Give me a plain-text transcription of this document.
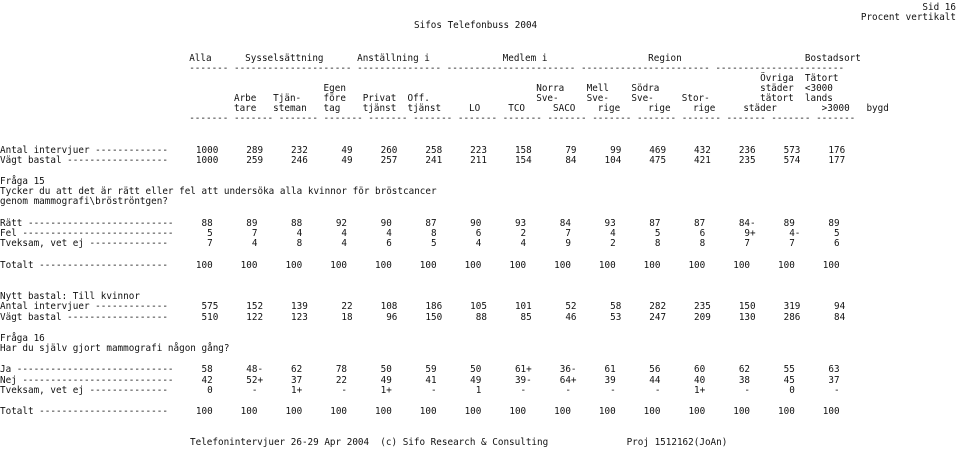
Sid 16
Procent vertikalt
Sifos Telefonbuss 2004
Alla      Sysselsättning      Anställning i             Medlem i                  Region                      Bostadsort
------- --------------------- --------------- ----------------------- ----------------------- -----------------------
Övriga  Tätort
Egen                                  Norra    Mell    Södra                  städer  <3000
Arbe   Tjän-    före   Privat  Off.                   Sve-     Sve-    Sve-     Stor-         tätort  lands
tare   steman   tag    tjänst  tjänst     LO     TCO     SACO    rige     rige    rige     städer        >3000   bygd
------- ------- ------- ------- ------- ------- ------- ------- ------- ------- ------- ------- ------- ------- -------
Antal intervjuer -------------     1000     289     232      49     260     258     223     158      79      99     469     432     236     573     176
Vägt bastal ------------------     1000     259     246      49     257     241     211     154      84     104     475     421     235     574     177
Fråga 15
Tycker du att det är rätt eller fel att undersöka alla kvinnor för bröstcancer
genom mammografi\bröströntgen?
Rätt --------------------------     88      89      88      92      90      87      90      93      84      93      87      87      84-     89      89
Fel ---------------------------      5       7       4       4       4       8       6       2       7       4       5       6       9+      4-      5
Tveksam, vet ej --------------       7       4       8       4       6       5       4       4       9       2       8       8       7       7       6
Totalt -----------------------     100     100     100     100     100     100     100     100     100     100     100     100     100     100     100
Nytt bastal: Till kvinnor
Antal intervjuer -------------      575     152     139      22     108     186     105     101      52      58     282     235     150     319      94
Vägt bastal ------------------      510     122     123      18      96     150      88      85      46      53     247     209     130     286      84
Fråga 16
Har du själv gjort mammografi någon gång?
Ja ----------------------------     58      48-     62      78      50      59      50      61+     36-     61      56      60      62      55      63
Nej ---------------------------     42      52+     37      22      49      41      49      39-     64+     39      44      40      38      45      37
Tveksam, vet ej --------------       0       -      1+       -      1+       -       1       -       -       -       -      1+       -       0       -
Totalt -----------------------     100     100     100     100     100     100     100     100     100     100     100     100     100     100     100
Telefonintervjuer 26-29 Apr 2004  (c) Sifo Research & Consulting              Proj 1512162(JoAn)
